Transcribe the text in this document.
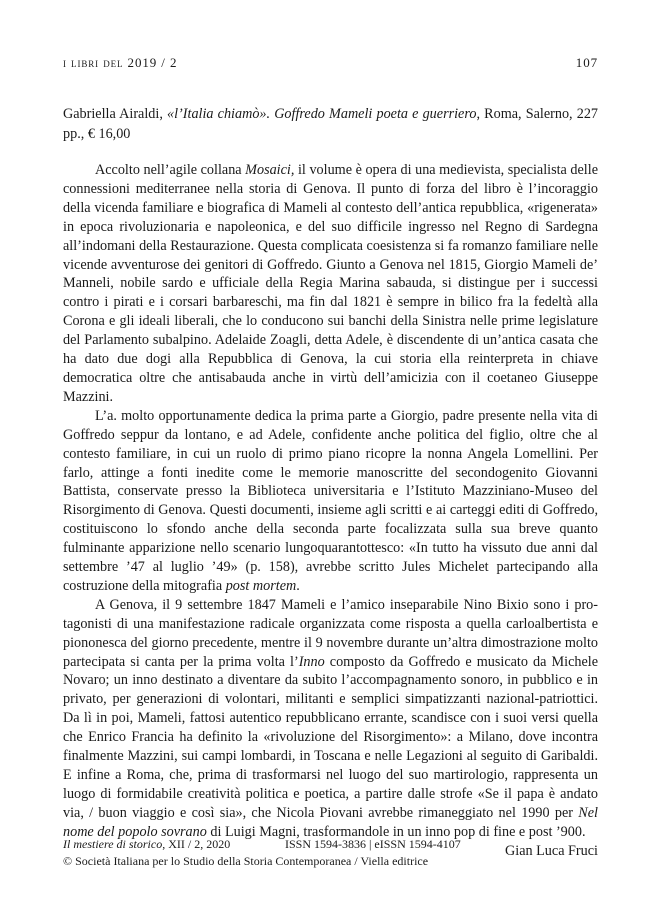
i libri del 2019 / 2	107
Gabriella Airaldi, «l’Italia chiamò». Goffredo Mameli poeta e guerriero, Roma, Salerno, 227 pp., € 16,00

Accolto nell’agile collana Mosaici, il volume è opera di una medievista, specialista delle connessioni mediterranee nella storia di Genova. Il punto di forza del libro è l’incoraggio della vicenda familiare e biografica di Mameli al contesto dell’antica repubblica, «rigenerata» in epoca rivoluzionaria e napoleonica, e del suo difficile ingresso nel Regno di Sardegna all’indomani della Restaurazione. Questa complicata coesistenza si fa romanzo familiare nelle vicende avventurose dei genitori di Goffredo. Giunto a Genova nel 1815, Giorgio Mameli de’ Manneli, nobile sardo e ufficiale della Regia Marina sabauda, si distingue per i successi contro i pirati e i corsari barbareschi, ma fin dal 1821 è sempre in bilico fra la fedeltà alla Corona e gli ideali liberali, che lo conducono sui banchi della Sinistra nelle prime legislature del Parlamento subalpino. Adelaide Zoagli, detta Adele, è discendente di un’antica casata che ha dato due dogi alla Repubblica di Genova, la cui storia ella reinterpreta in chiave democratica oltre che antisabauda anche in virtù dell’amicizia con il coetaneo Giuseppe Mazzini.

L’a. molto opportunamente dedica la prima parte a Giorgio, padre presente nella vita di Goffredo seppur da lontano, e ad Adele, confidente anche politica del figlio, oltre che al contesto familiare, in cui un ruolo di primo piano ricopre la nonna Angela Lomellini. Per farlo, attinge a fonti inedite come le memorie manoscritte del secondogenito Giovanni Battista, conservate presso la Biblioteca universitaria e l’Istituto Mazziniano-Museo del Risorgimento di Genova. Questi documenti, insieme agli scritti e ai carteggi editi di Goffredo, costituiscono lo sfondo anche della seconda parte focalizzata sulla sua breve quanto fulminante apparizione nello scenario lungoquarantottesco: «In tutto ha vissuto due anni dal settembre ’47 al luglio ’49» (p. 158), avrebbe scritto Jules Michelet partecipando alla costruzione della mitografia post mortem.

A Genova, il 9 settembre 1847 Mameli e l’amico inseparabile Nino Bixio sono i protagonisti di una manifestazione radicale organizzata come risposta a quella carloalbertista e piononesca del giorno precedente, mentre il 9 novembre durante un’altra dimostrazione molto partecipata si canta per la prima volta l’Inno composto da Goffredo e musicato da Michele Novaro; un inno destinato a diventare da subito l’accompagnamento sonoro, in pubblico e in privato, per generazioni di volontari, militanti e semplici simpatizzanti nazional-patriottici. Da lì in poi, Mameli, fattosi autentico repubblicano errante, scandisce con i suoi versi quella che Enrico Francia ha definito la «rivoluzione del Risorgimento»: a Milano, dove incontra finalmente Mazzini, sui campi lombardi, in Toscana e nelle Legazioni al seguito di Garibaldi. E infine a Roma, che, prima di trasformarsi nel luogo del suo martirologio, rappresenta un luogo di formidabile creatività politica e poetica, a partire dalle strofe «Se il papa è andato via, / buon viaggio e così sia», che Nicola Piovani avrebbe rimaneggiato nel 1990 per Nel nome del popolo sovrano di Luigi Magni, trasformandole in un inno pop di fine e post ’900.

Gian Luca Fruci

Il mestiere di storico, XII / 2, 2020	ISSN 1594-3836 | eISSN 1594-4107
© Società Italiana per lo Studio della Storia Contemporanea / Viella editrice
